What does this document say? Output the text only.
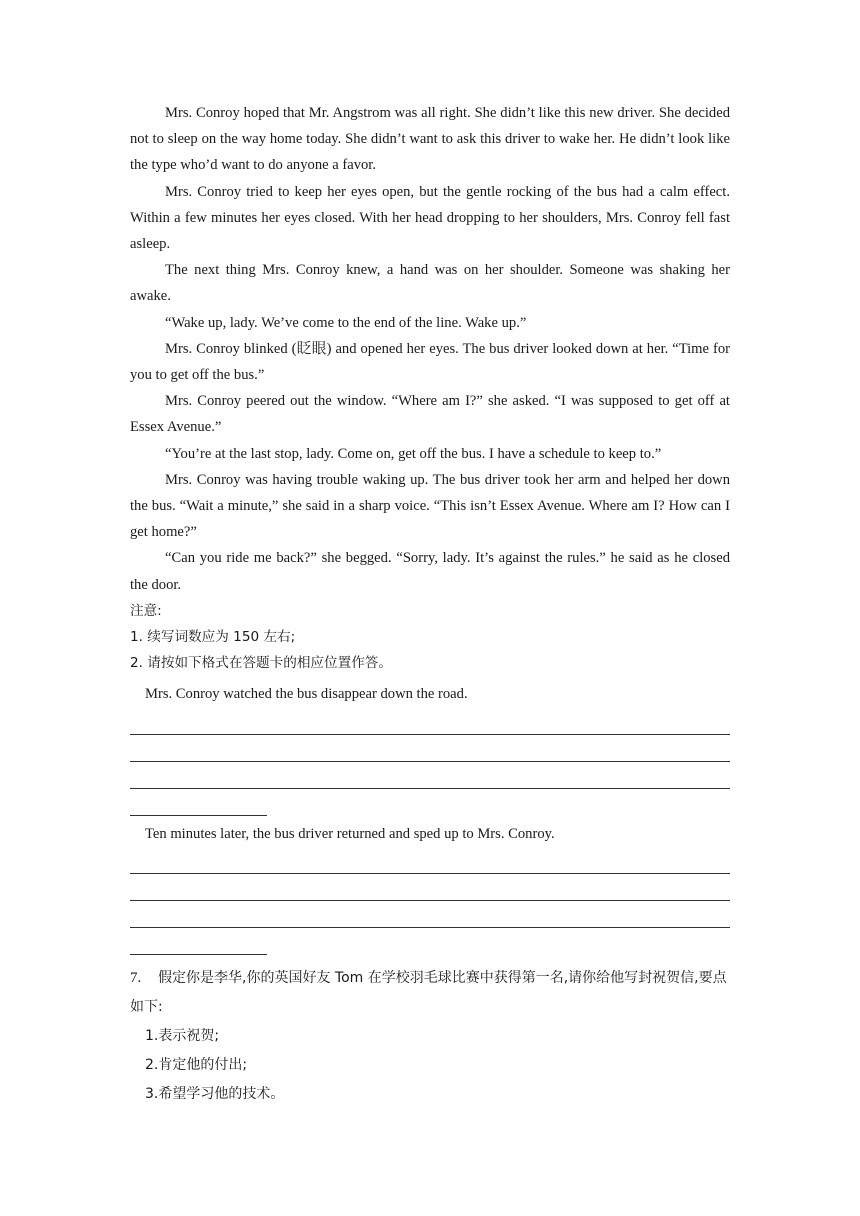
Mrs. Conroy hoped that Mr. Angstrom was all right. She didn’t like this new driver. She decided not to sleep on the way home today. She didn’t want to ask this driver to wake her. He didn’t look like the type who’d want to do anyone a favor.

Mrs. Conroy tried to keep her eyes open, but the gentle rocking of the bus had a calm effect. Within a few minutes her eyes closed. With her head dropping to her shoulders, Mrs. Conroy fell fast asleep.

The next thing Mrs. Conroy knew, a hand was on her shoulder. Someone was shaking her awake.

“Wake up, lady. We’ve come to the end of the line. Wake up.”

Mrs. Conroy blinked (眨眼) and opened her eyes. The bus driver looked down at her. “Time for you to get off the bus.”

Mrs. Conroy peered out the window. “Where am I?” she asked. “I was supposed to get off at Essex Avenue.”

“You’re at the last stop, lady. Come on, get off the bus. I have a schedule to keep to.”

Mrs. Conroy was having trouble waking up. The bus driver took her arm and helped her down the bus. “Wait a minute,” she said in a sharp voice. “This isn’t Essex Avenue. Where am I? How can I get home?”

“Can you ride me back?” she begged. “Sorry, lady. It’s against the rules.” he said as he closed the door.

注意:

1. 续写词数应为 150 左右;

2. 请按如下格式在答题卡的相应位置作答。

Mrs. Conroy watched the bus disappear down the road.

Ten minutes later, the bus driver returned and sped up to Mrs. Conroy.

7. 假定你是李华,你的英国好友 Tom 在学校羽毛球比赛中获得第一名,请你给他写封祝贺信,要点如下:

1.表示祝贺;

2.肯定他的付出;

3.希望学习他的技术。
